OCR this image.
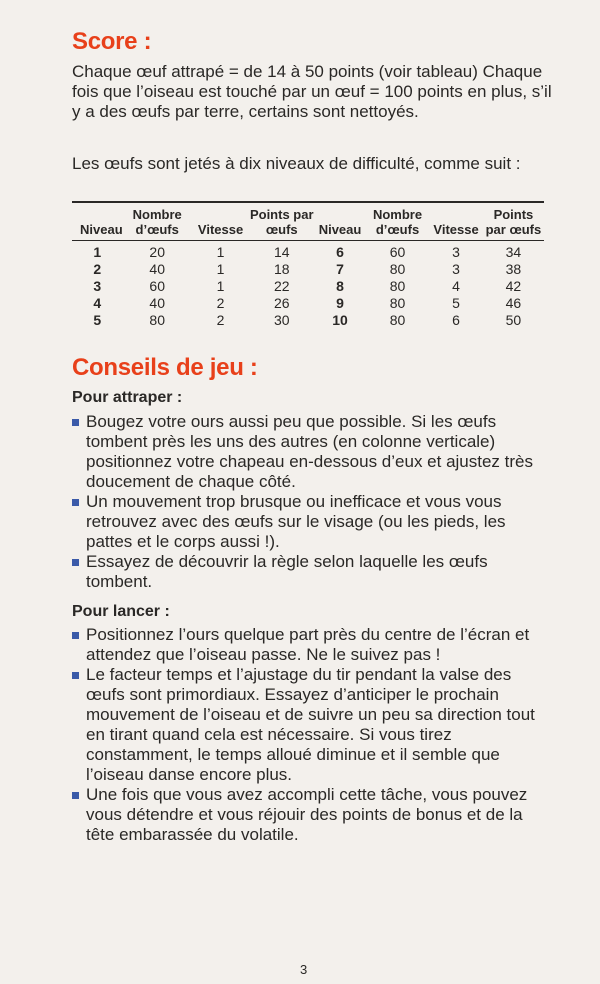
Score :
Chaque œuf attrapé = de 14 à 50 points (voir tableau) Chaque fois que l’oiseau est touché par un œuf = 100 points en plus, s’il y a des œufs par terre, certains sont nettoyés.
Les œufs sont jetés à dix niveaux de difficulté, comme suit :
Niveau	Nombre d’œufs	Vitesse	Points par œufs	Niveau	Nombre d’œufs	Vitesse	Points par œufs
1	20	1	14	6	60	3	34
2	40	1	18	7	80	3	38
3	60	1	22	8	80	4	42
4	40	2	26	9	80	5	46
5	80	2	30	10	80	6	50
Conseils de jeu :
Pour attraper :
Bougez votre ours aussi peu que possible. Si les œufs tombent près les uns des autres (en colonne verticale) positionnez votre chapeau en-dessous d’eux et ajustez très doucement de chaque côté.
Un mouvement trop brusque ou inefficace et vous vous retrouvez avec des œufs sur le visage (ou les pieds, les pattes et le corps aussi !).
Essayez de découvrir la règle selon laquelle les œufs tombent.
Pour lancer :
Positionnez l’ours quelque part près du centre de l’écran et attendez que l’oiseau passe. Ne le suivez pas !
Le facteur temps et l’ajustage du tir pendant la valse des œufs sont primordiaux. Essayez d’anticiper le prochain mouvement de l’oiseau et de suivre un peu sa direction tout en tirant quand cela est nécessaire. Si vous tirez constamment, le temps alloué diminue et il semble que l’oiseau danse encore plus.
Une fois que vous avez accompli cette tâche, vous pouvez vous détendre et vous réjouir des points de bonus et de la tête embarassée du volatile.
3
